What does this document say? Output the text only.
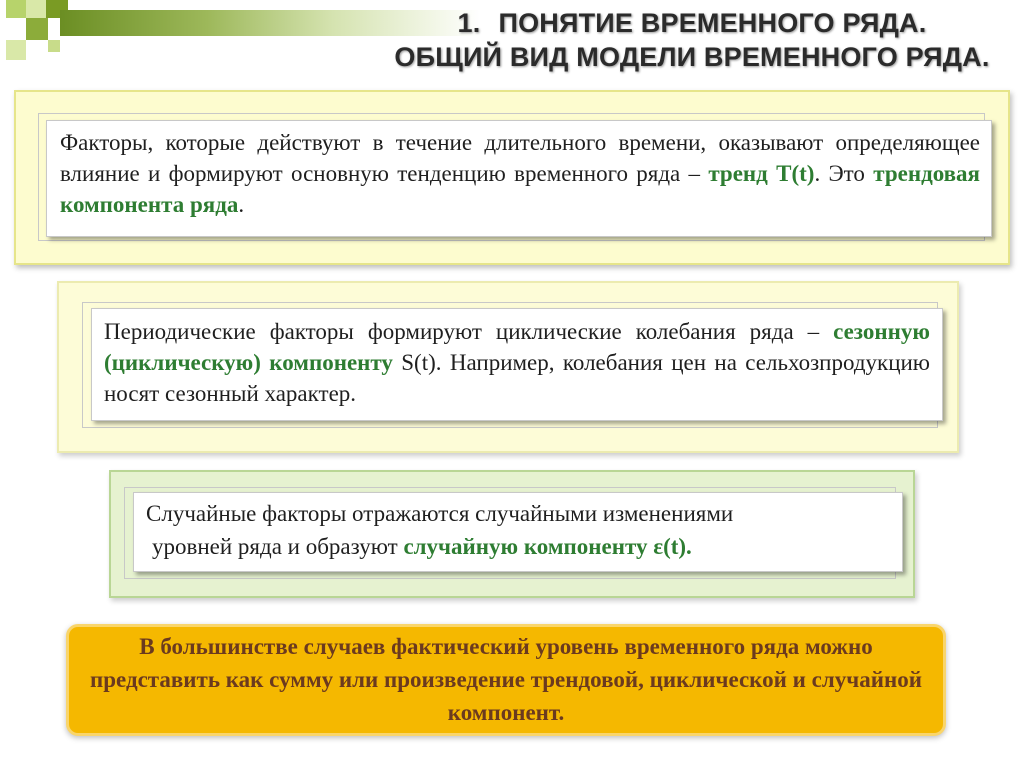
1. ПОНЯТИЕ ВРЕМЕННОГО РЯДА.
ОБЩИЙ ВИД МОДЕЛИ ВРЕМЕННОГО РЯДА.
Факторы, которые действуют в течение длительного времени, оказывают определяющее влияние и формируют основную тенденцию временного ряда – тренд T(t). Это трендовая компонента ряда.
Периодические факторы формируют циклические колебания ряда – сезонную (циклическую) компоненту S(t). Например, колебания цен на сельхозпродукцию носят сезонный характер.
Случайные факторы отражаются случайными изменениями
уровней ряда и образуют случайную компоненту ε(t).
В большинстве случаев фактический уровень временного ряда можно представить как сумму или произведение трендовой, циклической и случайной компонент.
